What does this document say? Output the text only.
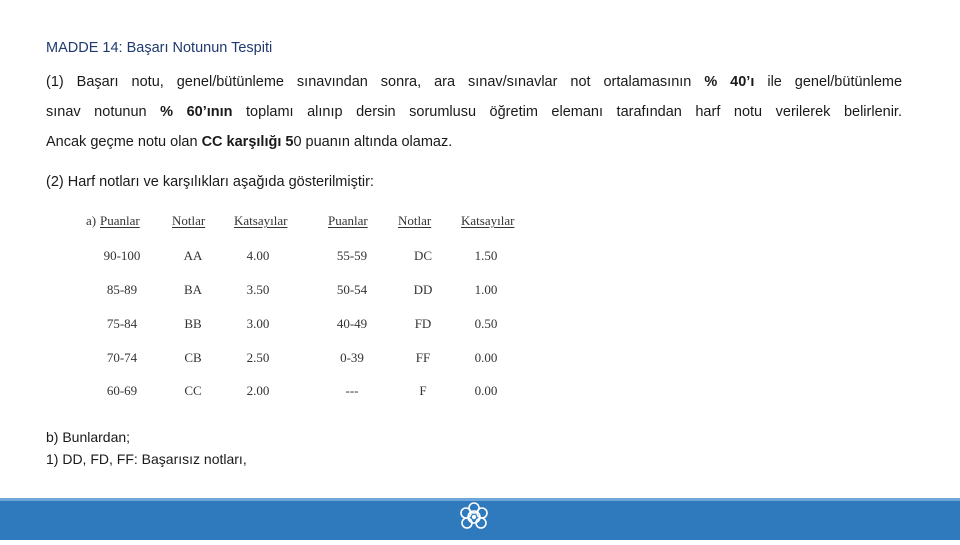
MADDE 14: Başarı Notunun Tespiti
(1) Başarı notu, genel/bütünleme sınavından sonra, ara sınav/sınavlar not ortalamasının % 40’ı ile genel/bütünleme
sınav notunun % 60’ının toplamı alınıp dersin sorumlusu öğretim elemanı tarafından harf notu verilerek belirlenir.
Ancak geçme notu olan CC karşılığı 50 puanın altında olamaz.
(2) Harf notları ve karşılıkları aşağıda gösterilmiştir:
a) Puanlar Notlar Katsayılar	Puanlar Notlar Katsayılar
90-100	AA	4.00	55-59	DC	1.50
85-89	BA	3.50	50-54	DD	1.00
75-84	BB	3.00	40-49	FD	0.50
70-74	CB	2.50	0-39	FF	0.00
60-69	CC	2.00	---	F	0.00
b) Bunlardan;
1) DD, FD, FF: Başarısız notları,
